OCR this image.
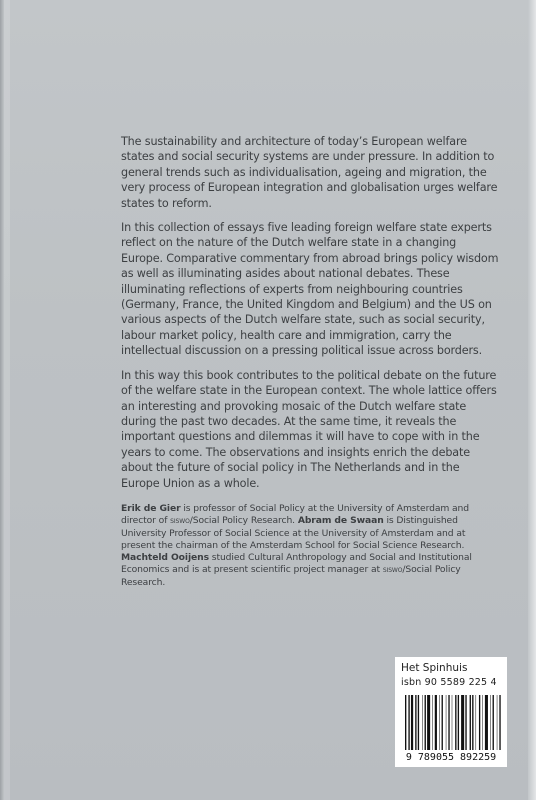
The sustainability and architecture of today’s European welfare states and social security systems are under pressure. In addition to general trends such as individualisation, ageing and migration, the very process of European integration and globalisation urges welfare states to reform.

In this collection of essays five leading foreign welfare state experts reflect on the nature of the Dutch welfare state in a changing Europe. Comparative commentary from abroad brings policy wisdom as well as illuminating asides about national debates. These illuminating reflections of experts from neighbouring countries (Germany, France, the United Kingdom and Belgium) and the US on various aspects of the Dutch welfare state, such as social security, labour market policy, health care and immigration, carry the intellectual discussion on a pressing political issue across borders.

In this way this book contributes to the political debate on the future of the welfare state in the European context. The whole lattice offers an interesting and provoking mosaic of the Dutch welfare state during the past two decades. At the same time, it reveals the important questions and dilemmas it will have to cope with in the years to come. The observations and insights enrich the debate about the future of social policy in The Netherlands and in the Europe Union as a whole.

Erik de Gier is professor of Social Policy at the University of Amsterdam and director of siswo/Social Policy Research. Abram de Swaan is Distinguished University Professor of Social Science at the University of Amsterdam and at present the chairman of the Amsterdam School for Social Science Research. Machteld Ooijens studied Cultural Anthropology and Social and Institutional Economics and is at present scientific project manager at siswo/Social Policy Research.
Het Spinhuis
isbn 90 5589 225 4
9 789055 892259
